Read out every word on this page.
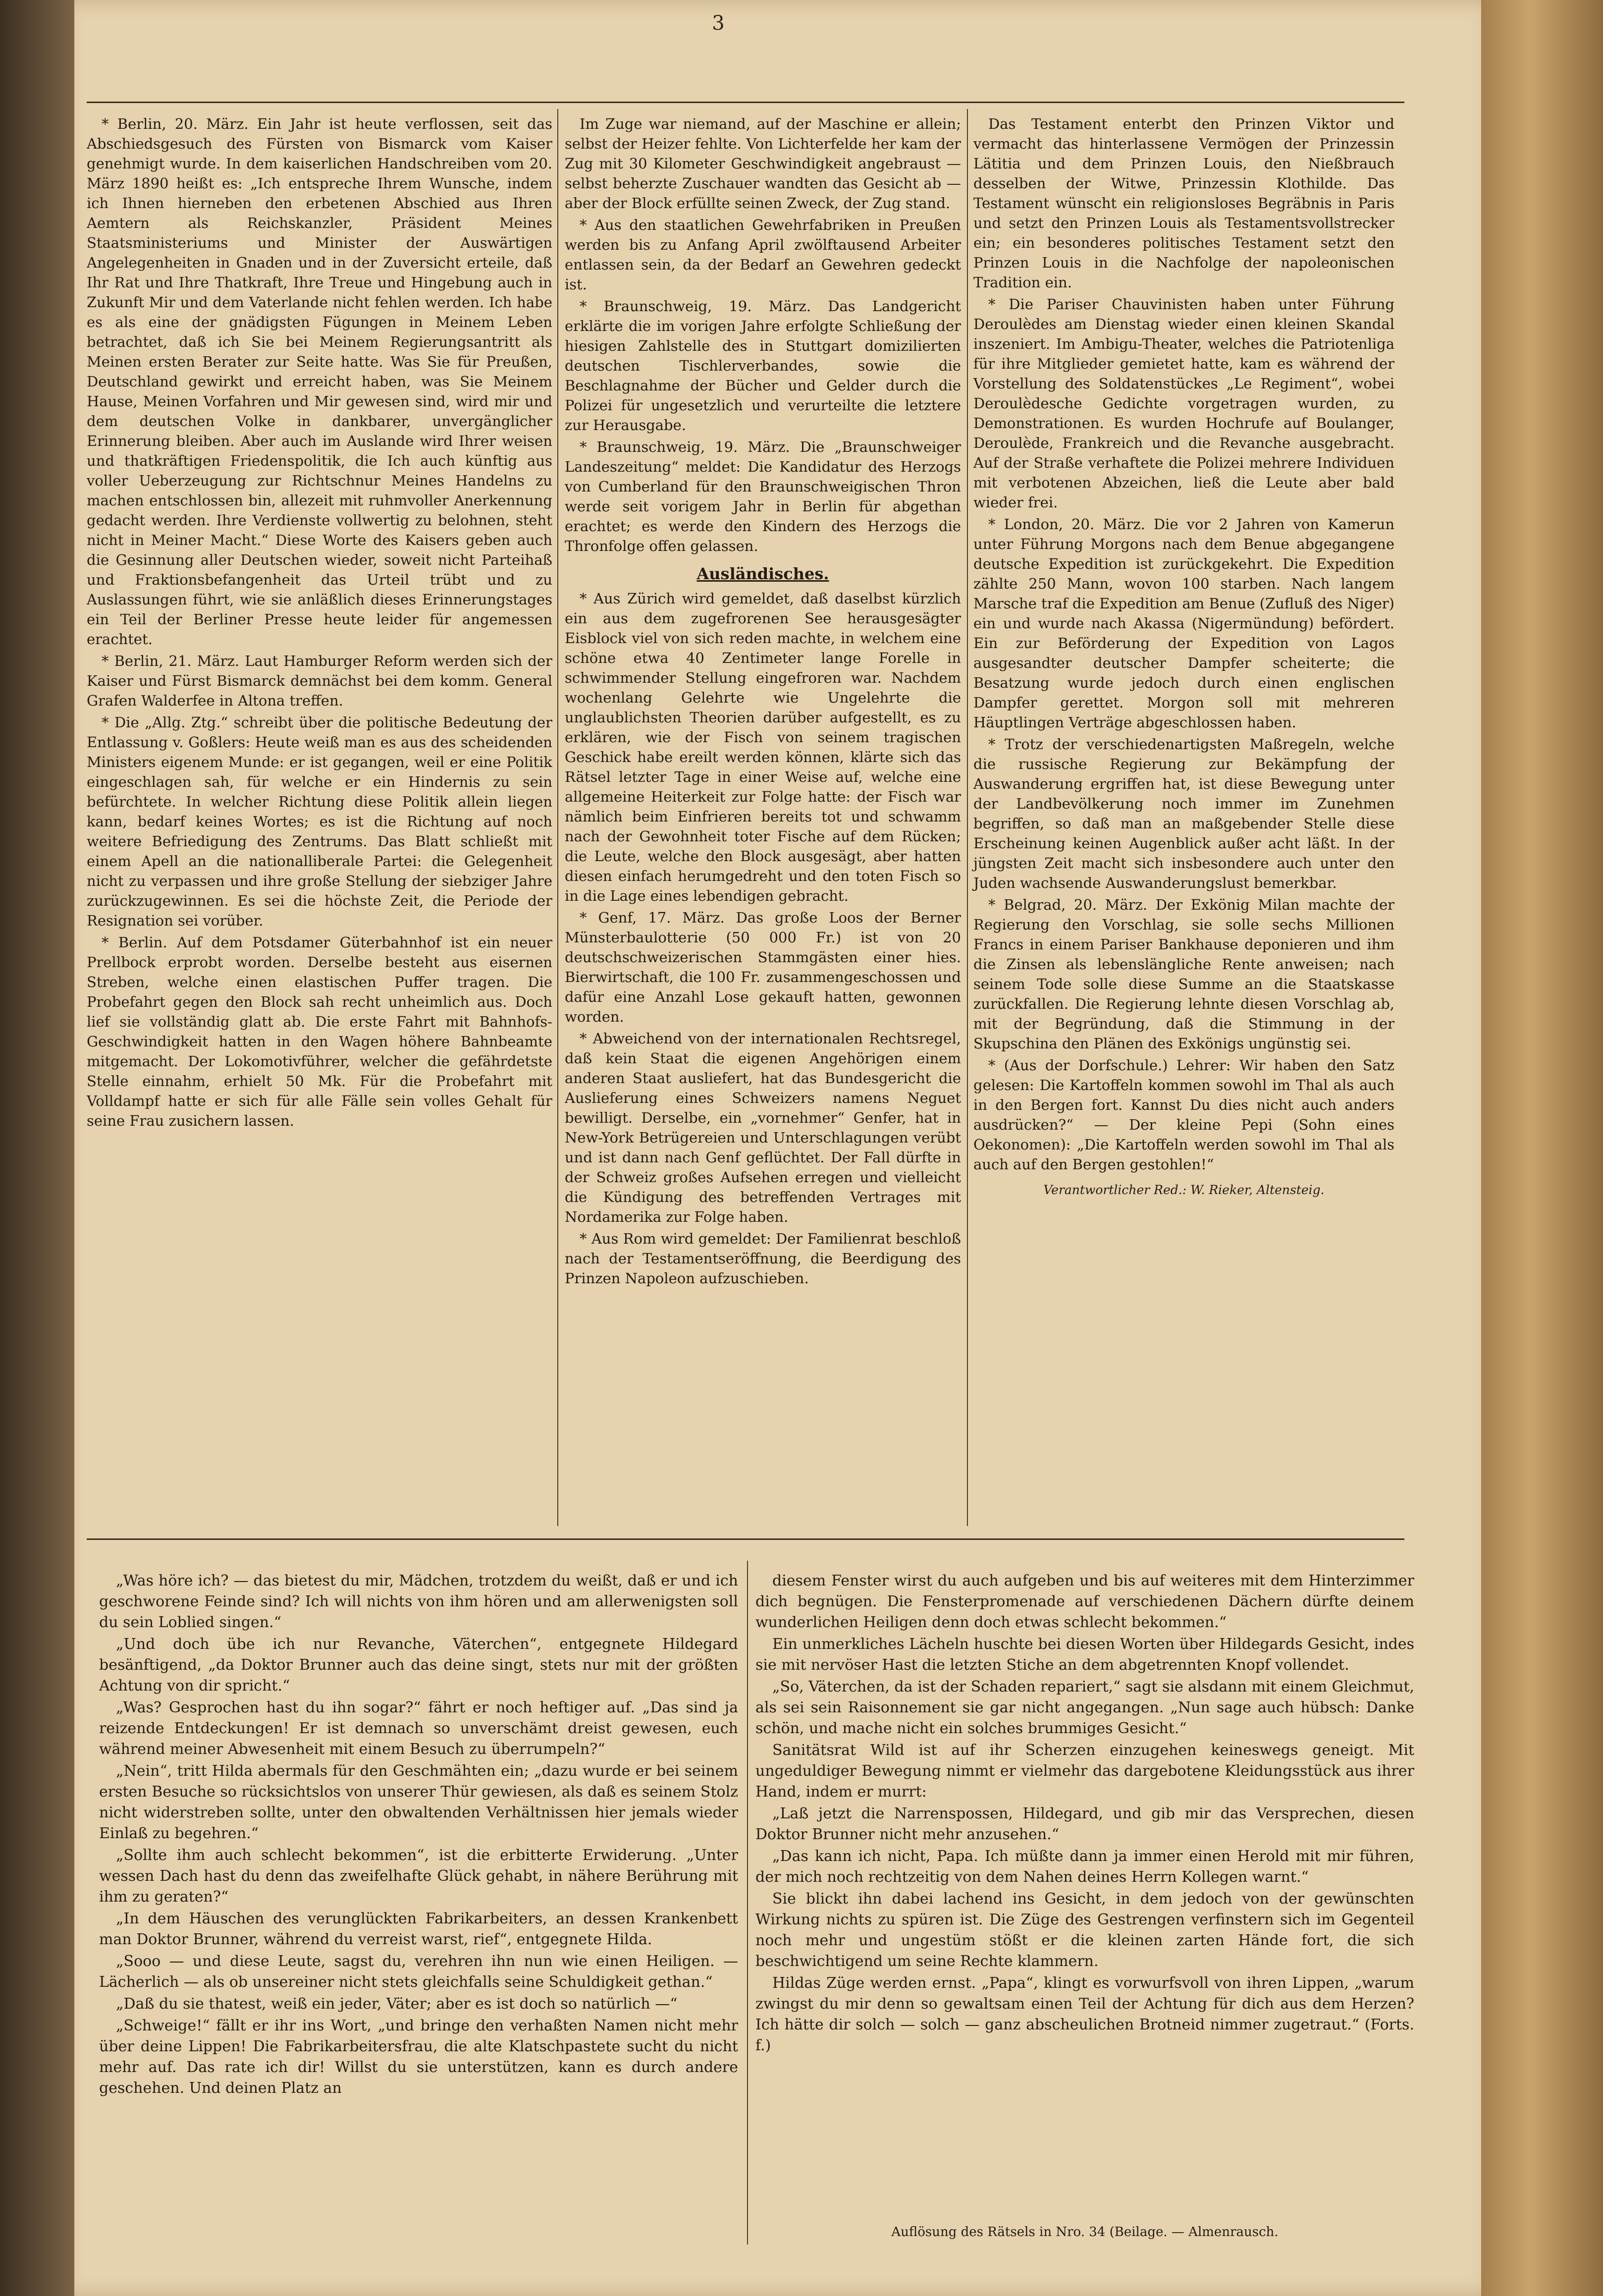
3

* Berlin, 20. März. Ein Jahr ist heute verflossen, seit das Abschiedsgesuch des Fürsten von Bismarck vom Kaiser genehmigt wurde. In dem kaiserlichen Handschreiben vom 20. März 1890 heißt es: „Ich entspreche Ihrem Wunsche, indem ich Ihnen hierneben den erbetenen Abschied aus Ihren Aemtern als Reichskanzler, Präsident Meines Staatsministeriums und Minister der Auswärtigen Angelegenheiten in Gnaden und in der Zuversicht erteile, daß Ihr Rat und Ihre Thatkraft, Ihre Treue und Hingebung auch in Zukunft Mir und dem Vaterlande nicht fehlen werden. Ich habe es als eine der gnädigsten Fügungen in Meinem Leben betrachtet, daß ich Sie bei Meinem Regierungsantritt als Meinen ersten Berater zur Seite hatte. Was Sie für Preußen, Deutschland gewirkt und erreicht haben, was Sie Meinem Hause, Meinen Vorfahren und Mir gewesen sind, wird mir und dem deutschen Volke in dankbarer, unvergänglicher Erinnerung bleiben. Aber auch im Auslande wird Ihrer weisen und thatkräftigen Friedenspolitik, die Ich auch künftig aus voller Ueberzeugung zur Richtschnur Meines Handelns zu machen entschlossen bin, allezeit mit ruhmvoller Anerkennung gedacht werden. Ihre Verdienste vollwertig zu belohnen, steht nicht in Meiner Macht.“ Diese Worte des Kaisers geben auch die Gesinnung aller Deutschen wieder, soweit nicht Parteihaß und Fraktionsbefangenheit das Urteil trübt und zu Auslassungen führt, wie sie anläßlich dieses Erinnerungstages ein Teil der Berliner Presse heute leider für angemessen erachtet.

* Berlin, 21. März. Laut Hamburger Reform werden sich der Kaiser und Fürst Bismarck demnächst bei dem komm. General Grafen Walderfee in Altona treffen.

* Die „Allg. Ztg.“ schreibt über die politische Bedeutung der Entlassung v. Goßlers: Heute weiß man es aus des scheidenden Ministers eigenem Munde: er ist gegangen, weil er eine Politik eingeschlagen sah, für welche er ein Hindernis zu sein befürchtete. In welcher Richtung diese Politik allein liegen kann, bedarf keines Wortes; es ist die Richtung auf noch weitere Befriedigung des Zentrums. Das Blatt schließt mit einem Apell an die nationalliberale Partei: die Gelegenheit nicht zu verpassen und ihre große Stellung der siebziger Jahre zurückzugewinnen. Es sei die höchste Zeit, die Periode der Resignation sei vorüber.

* Berlin. Auf dem Potsdamer Güterbahnhof ist ein neuer Prellbock erprobt worden. Derselbe besteht aus eisernen Streben, welche einen elastischen Puffer tragen. Die Probefahrt gegen den Block sah recht unheimlich aus. Doch lief sie vollständig glatt ab. Die erste Fahrt mit Bahnhofs-Geschwindigkeit hatten in den Wagen höhere Bahnbeamte mitgemacht. Der Lokomotivführer, welcher die gefährdetste Stelle einnahm, erhielt 50 Mk. Für die Probefahrt mit Volldampf hatte er sich für alle Fälle sein volles Gehalt für seine Frau zusichern lassen.

Im Zuge war niemand, auf der Maschine er allein; selbst der Heizer fehlte. Von Lichterfelde her kam der Zug mit 30 Kilometer Geschwindigkeit angebraust — selbst beherzte Zuschauer wandten das Gesicht ab — aber der Block erfüllte seinen Zweck, der Zug stand.

* Aus den staatlichen Gewehrfabriken in Preußen werden bis zu Anfang April zwölftausend Arbeiter entlassen sein, da der Bedarf an Gewehren gedeckt ist.

* Braunschweig, 19. März. Das Landgericht erklärte die im vorigen Jahre erfolgte Schließung der hiesigen Zahlstelle des in Stuttgart domizilierten deutschen Tischlerverbandes, sowie die Beschlagnahme der Bücher und Gelder durch die Polizei für ungesetzlich und verurteilte die letztere zur Herausgabe.

* Braunschweig, 19. März. Die „Braunschweiger Landeszeitung“ meldet: Die Kandidatur des Herzogs von Cumberland für den Braunschweigischen Thron werde seit vorigem Jahr in Berlin für abgethan erachtet; es werde den Kindern des Herzogs die Thronfolge offen gelassen.

Ausländisches.

* Aus Zürich wird gemeldet, daß daselbst kürzlich ein aus dem zugefrorenen See herausgesägter Eisblock viel von sich reden machte, in welchem eine schöne etwa 40 Zentimeter lange Forelle in schwimmender Stellung eingefroren war. Nachdem wochenlang Gelehrte wie Ungelehrte die unglaublichsten Theorien darüber aufgestellt, es zu erklären, wie der Fisch von seinem tragischen Geschick habe ereilt werden können, klärte sich das Rätsel letzter Tage in einer Weise auf, welche eine allgemeine Heiterkeit zur Folge hatte: der Fisch war nämlich beim Einfrieren bereits tot und schwamm nach der Gewohnheit toter Fische auf dem Rücken; die Leute, welche den Block ausgesägt, aber hatten diesen einfach herumgedreht und den toten Fisch so in die Lage eines lebendigen gebracht.

* Genf, 17. März. Das große Loos der Berner Münsterbaulotterie (50 000 Fr.) ist von 20 deutschschweizerischen Stammgästen einer hies. Bierwirtschaft, die 100 Fr. zusammengeschossen und dafür eine Anzahl Lose gekauft hatten, gewonnen worden.

* Abweichend von der internationalen Rechtsregel, daß kein Staat die eigenen Angehörigen einem anderen Staat ausliefert, hat das Bundesgericht die Auslieferung eines Schweizers namens Neguet bewilligt. Derselbe, ein „vornehmer“ Genfer, hat in New-York Betrügereien und Unterschlagungen verübt und ist dann nach Genf geflüchtet. Der Fall dürfte in der Schweiz großes Aufsehen erregen und vielleicht die Kündigung des betreffenden Vertrages mit Nordamerika zur Folge haben.

* Aus Rom wird gemeldet: Der Familienrat beschloß nach der Testamentseröffnung, die Beerdigung des Prinzen Napoleon aufzuschieben.

Das Testament enterbt den Prinzen Viktor und vermacht das hinterlassene Vermögen der Prinzessin Lätitia und dem Prinzen Louis, den Nießbrauch desselben der Witwe, Prinzessin Klothilde. Das Testament wünscht ein religionsloses Begräbnis in Paris und setzt den Prinzen Louis als Testamentsvollstrecker ein; ein besonderes politisches Testament setzt den Prinzen Louis in die Nachfolge der napoleonischen Tradition ein.

* Die Pariser Chauvinisten haben unter Führung Deroulèdes am Dienstag wieder einen kleinen Skandal inszeniert. Im Ambigu-Theater, welches die Patriotenliga für ihre Mitglieder gemietet hatte, kam es während der Vorstellung des Soldatenstückes „Le Regiment“, wobei Deroulèdesche Gedichte vorgetragen wurden, zu Demonstrationen. Es wurden Hochrufe auf Boulanger, Deroulède, Frankreich und die Revanche ausgebracht. Auf der Straße verhaftete die Polizei mehrere Individuen mit verbotenen Abzeichen, ließ die Leute aber bald wieder frei.

* London, 20. März. Die vor 2 Jahren von Kamerun unter Führung Morgons nach dem Benue abgegangene deutsche Expedition ist zurückgekehrt. Die Expedition zählte 250 Mann, wovon 100 starben. Nach langem Marsche traf die Expedition am Benue (Zufluß des Niger) ein und wurde nach Akassa (Nigermündung) befördert. Ein zur Beförderung der Expedition von Lagos ausgesandter deutscher Dampfer scheiterte; die Besatzung wurde jedoch durch einen englischen Dampfer gerettet. Morgon soll mit mehreren Häuptlingen Verträge abgeschlossen haben.

* Trotz der verschiedenartigsten Maßregeln, welche die russische Regierung zur Bekämpfung der Auswanderung ergriffen hat, ist diese Bewegung unter der Landbevölkerung noch immer im Zunehmen begriffen, so daß man an maßgebender Stelle diese Erscheinung keinen Augenblick außer acht läßt. In der jüngsten Zeit macht sich insbesondere auch unter den Juden wachsende Auswanderungslust bemerkbar.

* Belgrad, 20. März. Der Exkönig Milan machte der Regierung den Vorschlag, sie solle sechs Millionen Francs in einem Pariser Bankhause deponieren und ihm die Zinsen als lebenslängliche Rente anweisen; nach seinem Tode solle diese Summe an die Staatskasse zurückfallen. Die Regierung lehnte diesen Vorschlag ab, mit der Begründung, daß die Stimmung in der Skupschina den Plänen des Exkönigs ungünstig sei.

* (Aus der Dorfschule.) Lehrer: Wir haben den Satz gelesen: Die Kartoffeln kommen sowohl im Thal als auch in den Bergen fort. Kannst Du dies nicht auch anders ausdrücken?“ — Der kleine Pepi (Sohn eines Oekonomen): „Die Kartoffeln werden sowohl im Thal als auch auf den Bergen gestohlen!“

Verantwortlicher Red.: W. Rieker, Altensteig.

„Was höre ich? — das bietest du mir, Mädchen, trotzdem du weißt, daß er und ich geschworene Feinde sind? Ich will nichts von ihm hören und am allerwenigsten soll du sein Loblied singen.“

„Und doch übe ich nur Revanche, Väterchen“, entgegnete Hildegard besänftigend, „da Doktor Brunner auch das deine singt, stets nur mit der größten Achtung von dir spricht.“

„Was? Gesprochen hast du ihn sogar?“ fährt er noch heftiger auf. „Das sind ja reizende Entdeckungen! Er ist demnach so unverschämt dreist gewesen, euch während meiner Abwesenheit mit einem Besuch zu überrumpeln?“

„Nein“, tritt Hilda abermals für den Geschmähten ein; „dazu wurde er bei seinem ersten Besuche so rücksichtslos von unserer Thür gewiesen, als daß es seinem Stolz nicht widerstreben sollte, unter den obwaltenden Verhältnissen hier jemals wieder Einlaß zu begehren.“

„Sollte ihm auch schlecht bekommen“, ist die erbitterte Erwiderung. „Unter wessen Dach hast du denn das zweifelhafte Glück gehabt, in nähere Berührung mit ihm zu geraten?“

„In dem Häuschen des verunglückten Fabrikarbeiters, an dessen Krankenbett man Doktor Brunner, während du verreist warst, rief“, entgegnete Hilda.

„Sooo — und diese Leute, sagst du, verehren ihn nun wie einen Heiligen. — Lächerlich — als ob unsereiner nicht stets gleichfalls seine Schuldigkeit gethan.“

„Daß du sie thatest, weiß ein jeder, Väter; aber es ist doch so natürlich —“

„Schweige!“ fällt er ihr ins Wort, „und bringe den verhaßten Namen nicht mehr über deine Lippen! Die Fabrikarbeitersfrau, die alte Klatschpastete sucht du nicht mehr auf. Das rate ich dir! Willst du sie unterstützen, kann es durch andere geschehen. Und deinen Platz an

diesem Fenster wirst du auch aufgeben und bis auf weiteres mit dem Hinterzimmer dich begnügen. Die Fensterpromenade auf verschiedenen Dächern dürfte deinem wunderlichen Heiligen denn doch etwas schlecht bekommen.“

Ein unmerkliches Lächeln huschte bei diesen Worten über Hildegards Gesicht, indes sie mit nervöser Hast die letzten Stiche an dem abgetrennten Knopf vollendet.

„So, Väterchen, da ist der Schaden repariert,“ sagt sie alsdann mit einem Gleichmut, als sei sein Raisonnement sie gar nicht angegangen. „Nun sage auch hübsch: Danke schön, und mache nicht ein solches brummiges Gesicht.“

Sanitätsrat Wild ist auf ihr Scherzen einzugehen keineswegs geneigt. Mit ungeduldiger Bewegung nimmt er vielmehr das dargebotene Kleidungsstück aus ihrer Hand, indem er murrt:

„Laß jetzt die Narrenspossen, Hildegard, und gib mir das Versprechen, diesen Doktor Brunner nicht mehr anzusehen.“

„Das kann ich nicht, Papa. Ich müßte dann ja immer einen Herold mit mir führen, der mich noch rechtzeitig von dem Nahen deines Herrn Kollegen warnt.“

Sie blickt ihn dabei lachend ins Gesicht, in dem jedoch von der gewünschten Wirkung nichts zu spüren ist. Die Züge des Gestrengen verfinstern sich im Gegenteil noch mehr und ungestüm stößt er die kleinen zarten Hände fort, die sich beschwichtigend um seine Rechte klammern.

Hildas Züge werden ernst. „Papa“, klingt es vorwurfsvoll von ihren Lippen, „warum zwingst du mir denn so gewaltsam einen Teil der Achtung für dich aus dem Herzen? Ich hätte dir solch — solch — ganz abscheulichen Brotneid nimmer zugetraut.“ (Forts. f.)

Auflösung des Rätsels in Nro. 34 (Beilage. — Almenrausch.
